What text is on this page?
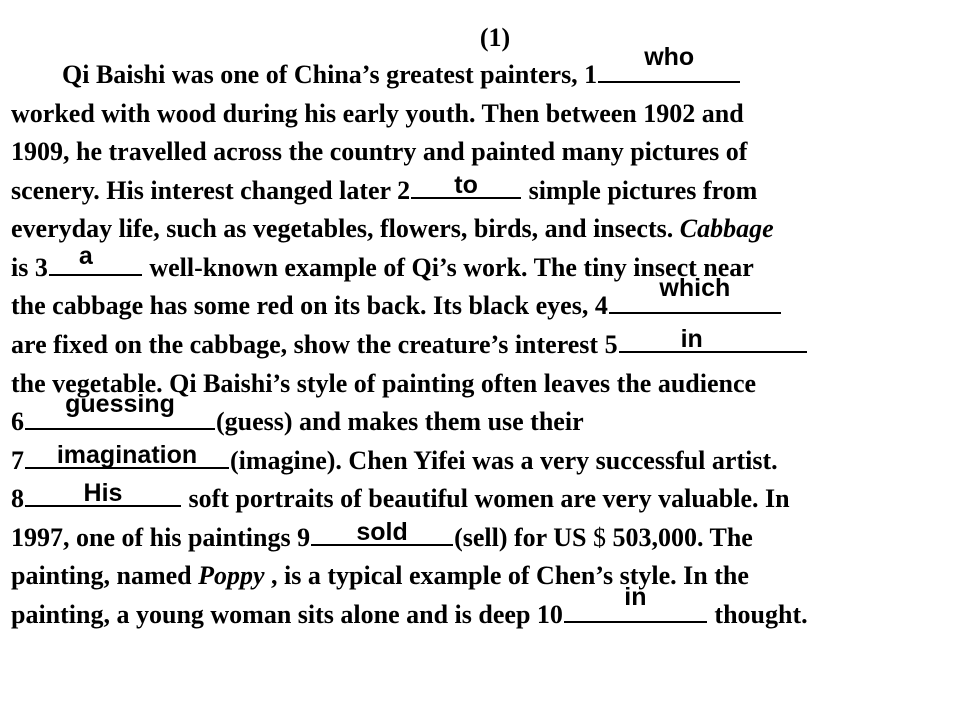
(1)
Qi Baishi was one of China’s greatest painters, 1
who
worked with wood during his early youth. Then between 1902 and
1909, he travelled across the country and painted many pictures of
scenery. His interest changed later 2	to	simple pictures from
everyday life, such as vegetables, flowers, birds, and insects. Cabbage
is 3	a	well-known example of Qi’s work. The tiny insect near
the cabbage has some red on its back. Its black eyes, 4
which
are fixed on the cabbage, show the creature’s interest 5	in
the vegetable. Qi Baishi’s style of painting often leaves the audience
6
guessing
(guess) and makes them use their
7	imagination	(imagine). Chen Yifei was a very successful artist.
8	His	soft portraits of beautiful women are very valuable. In
1997, one of his paintings 9	sold	(sell) for US $ 503,000. The
painting, named Poppy , is a typical example of Chen’s style. In the
painting, a young woman sits alone and is deep 10
in
thought.
